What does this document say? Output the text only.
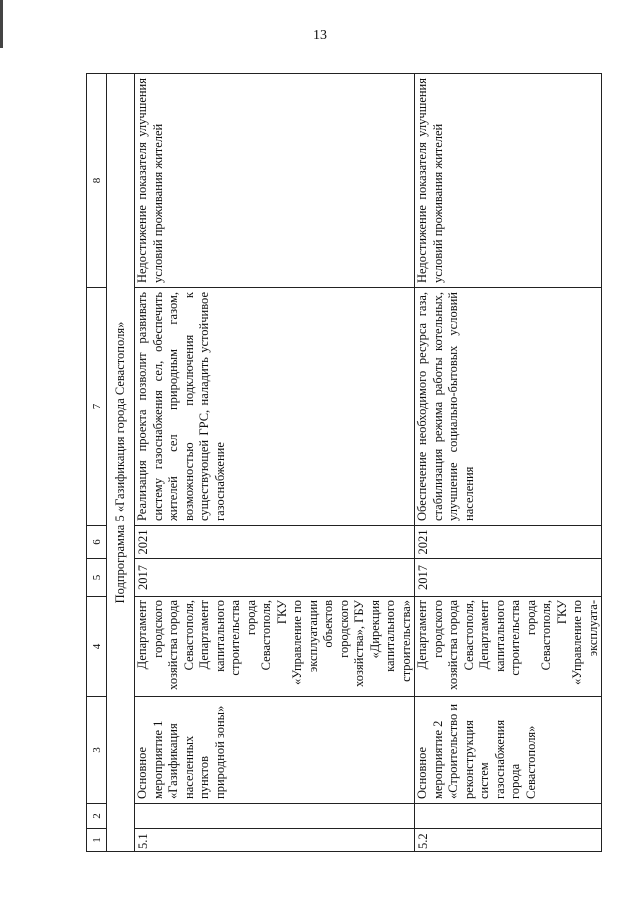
13
1	2	3	4	5	6	7	8
Подпрограмма 5 «Газификация города Севастополя»							
5.1		Основное мероприятие 1 «Газификация населенных пунктов природной зоны»	Департамент городского хозяйства города Севастополя, Департамент капитального строительства города Севастополя, ГКУ «Управление по эксплуатации объектов городского хозяйства», ГБУ «Дирекция капитального строительства»	2017	2021	Реализация проекта позволит развивать систему газоснабжения сел, обеспечить жителей сел природным газом, возможностью подключения к существующей ГРС, наладить устойчивое газоснабжение	Недостижение показателя улучшения условий проживания жителей
5.2		Основное мероприятие 2 «Строительство и реконструкция систем газоснабжения города Севастополя»	Департамент городского хозяйства города Севастополя, Департамент капитального строительства города Севастополя, ГКУ «Управление по эксплуата-	2017	2021	Обеспечение необходимого ресурса газа, стабилизация режима работы котельных, улучшение социально-бытовых условий населения	Недостижение показателя улучшения условий проживания жителей
